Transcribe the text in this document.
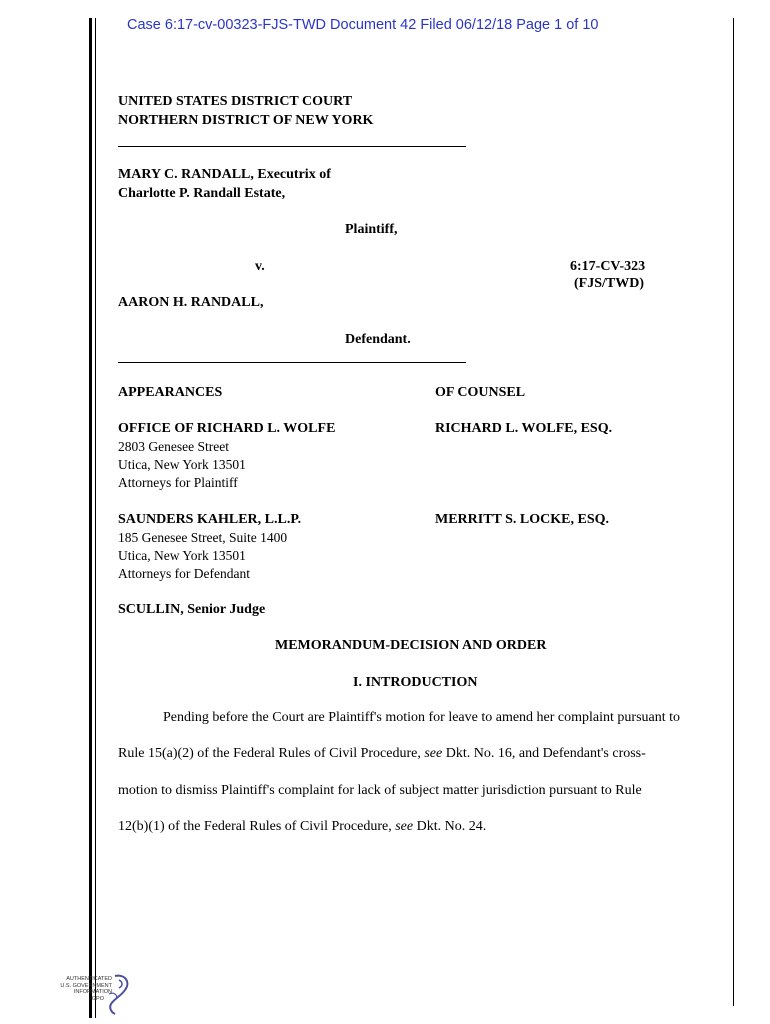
Case 6:17-cv-00323-FJS-TWD Document 42 Filed 06/12/18 Page 1 of 10
UNITED STATES DISTRICT COURT
NORTHERN DISTRICT OF NEW YORK
MARY C. RANDALL, Executrix of
Charlotte P. Randall Estate,
Plaintiff,
v.	6:17-CV-323
(FJS/TWD)
AARON H. RANDALL,
Defendant.
APPEARANCES	OF COUNSEL
OFFICE OF RICHARD L. WOLFE	RICHARD L. WOLFE, ESQ.
2803 Genesee Street
Utica, New York 13501
Attorneys for Plaintiff
SAUNDERS KAHLER, L.L.P.	MERRITT S. LOCKE, ESQ.
185 Genesee Street, Suite 1400
Utica, New York 13501
Attorneys for Defendant
SCULLIN, Senior Judge
MEMORANDUM-DECISION AND ORDER
I. INTRODUCTION
Pending before the Court are Plaintiff's motion for leave to amend her complaint pursuant to
Rule 15(a)(2) of the Federal Rules of Civil Procedure, see Dkt. No. 16, and Defendant's cross-
motion to dismiss Plaintiff's complaint for lack of subject matter jurisdiction pursuant to Rule
12(b)(1) of the Federal Rules of Civil Procedure, see Dkt. No. 24.
AUTHENTICATED
U.S. GOVERNMENT
INFORMATION
GPO
